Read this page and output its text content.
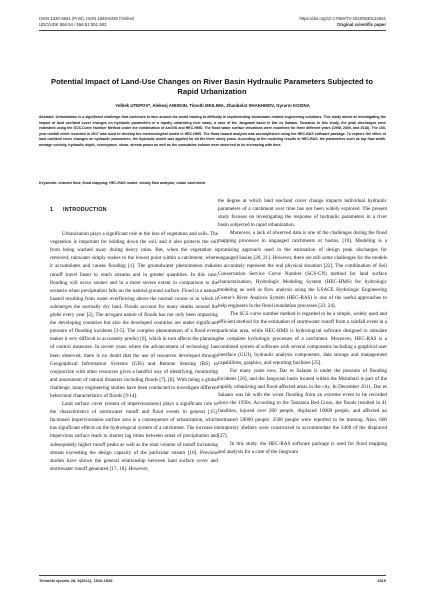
ISSN 1330-3651 (Print), ISSN 1848-6339 (Online)
UDC/UDK 556.54 / 556.51:551.583
https://doi.org/10.17559/TV-20200830124661
Original scientific paper
Potential Impact of Land-Use Changes on River Basin Hydraulic Parameters Subjected to Rapid Urbanization
Yelbek UTEPOV*, Aleksej ANISKIN, Timoth MKILIMA, Zhanbolat SHAKHMOV, Gyrarm KOZINA
Abstract: Urbanization is a significant challenge that continues to face around the world leading to difficulty in implementing stormwater-related engineering solutions. This study aimed at investigating the impact of land use/land cover changes on hydraulic parameters of a rapidly urbanizing river basin, a case of the Jangwani basin in Dar es Salaam, Tanzania. In this study, the peak discharges were estimated using the SCS-Curve Number Method under the combination of ArcGIS and HEC-HMS. The flood water surface elevations were examined for three different years (1998, 2009, and 2018). The 100-year rainfall event recorded in 2017 was used to develop the meteorological model in HEC-HMS. The flood hazard analysis was accomplished using the HEC-RAS software package. To explore the effect of land use/land cover changes on hydraulic parameters, the hydraulic model was applied for all the three study years. According to the modeling results in HEC-RAS, the parameters such as top flow width, average velocity, hydraulic depth, conveyance, shear, stream power as well as the cumulative volume were observed to be increasing with time.
Keywords: channel flow; flood mapping; HEC-RAS model; steady flow analysis; urban catchment
1 INTRODUCTION

Urbanization plays a significant role in the loss of vegetation and soils. The vegetation is important for holding down the soil, and it also protects the soil from being washed away during heavy rains. But, when the vegetation is removed, rainwater simply rushes to the lowest point within a catchment, where it accumulates and causes flooding [1]. The groundwater phenomenon makes runoff travel faster to reach streams and in greater quantities. In this case, flooding will occur sooner and in a more severe extent in comparison to the scenario when precipitation falls on the natural ground surface. Flood is a natural hazard resulting from water overflowing above the normal course or in which it submerges the normally dry land. Floods account for many deaths around the globe every year [2]. The arrogant nature of floods has not only been impacting the developing countries but also the developed countries are under significant pressure of flooding incidents [3-5]. The complex phenomenon of a flood event makes it very difficult to accurately predict [6], which in turn affects the planning of control measures. In recent years where the advancement of technology has been observed, there is no doubt that the use of resources developed through Geographical Information Systems (GIS) and Remote Sensing (RS) in conjunction with other resources gives a handful way of identifying, monitoring and assessment of natural disasters including floods [7], [8]. With being a global challenge, many engineering studies have been conducted to investigate different behavioral characteristics of floods [9-14].

Land surface cover (extent of imperviousness) plays a significant role in the characteristics of stormwater runoff and flood events in general [15]. Increased imperviousness surface area is a consequence of urbanization, which has significant effects on the hydrological system of a catchment. The increase in impervious surface leads to shorter lag times between onset of precipitation and subsequently higher runoff peaks as well as the total volume of runoff increasing stream exceeding the design capacity of the particular stream [16]. Previous studies have shown the general relationship between land surface cover and stormwater runoff generated [17, 18]. However,

the degree at which land use/land cover change impacts individual hydraulic parameters of a catchment over time has not been widely explored. The present study focuses on investigating the response of hydraulic parameters in a river basin subjected to rapid urbanization.

Moreover, a lack of observed data is one of the challenges during the flood mapping processes in ungauged catchments or basins, [19]. Modeling is a promising approach used in the estimation of design peak discharges for ungauged basins [20, 21]. However, there are still some challenges for the models to accurately represent the real physical situation [22]. The combination of Soil Conservation Service Curve Number (SCS-CN) method for land surface characterization, Hydrologic Modeling System (HEC-HMS) for hydrologic modeling as well as flow analysis using the USACE Hydrologic Engineering Center's River Analysis System (HEC-RAS) is one of the useful approaches to help engineers in the flood inundation processes [23, 24].

The SCS curve number method is regarded to be a simple, widely used and efficient method for the estimation of stormwater runoff from a rainfall event in a particular area, while HEC-HMS is hydrological software designed to simulate the complete hydrologic processes of a catchment. Moreover, HEC-RAS is a combined system of software with several components including a graphical user interface (GUI), hydraulic analysis components, data storage and management capabilities, graphics, and reporting facilities [25].

For many years now, Dar es Salaam is under the pressure of flooding incidents [26], and the Jangwani basin located within the Msimbazi is part of the rapidly urbanizing and flood-affected areas in the city. In December 2011, Dar es Salaam was hit with the worst flooding from an extreme event to be recorded since the 1950s. According to the Tanzania Red Cross, the floods resulted in 41 fatalities, injured over 200 people, displaced 10000 people, and affected an estimated 50000 people. 2500 people were reported to be missing. Also, 600 temporary shelters were constructed to accommodate the 3400 of the displaced [27].

In this study, the HEC-RAS software package is used for flood mapping and analysis for a case of the Jangwani

Tehnički vjesnik 28, 5(2021), 1519-1525	1519
